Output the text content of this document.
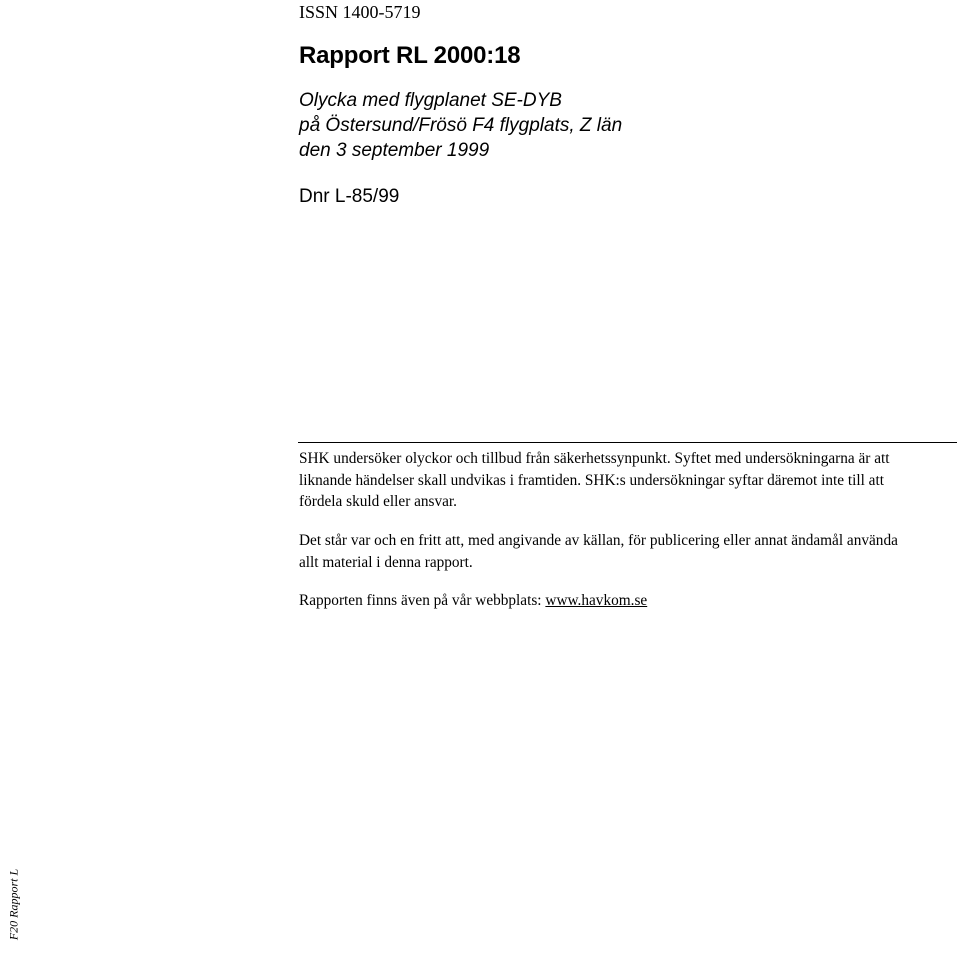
ISSN 1400-5719
Rapport RL 2000:18
Olycka med flygplanet SE-DYB
på Östersund/Frösö F4 flygplats, Z län
den 3 september 1999
Dnr L-85/99
SHK undersöker olyckor och tillbud från säkerhetssynpunkt. Syftet med undersökningarna är att
liknande händelser skall undvikas i framtiden. SHK:s undersökningar syftar däremot inte till att
fördela skuld eller ansvar.
Det står var och en fritt att, med angivande av källan, för publicering eller annat ändamål använda
allt material i denna rapport.
Rapporten finns även på vår webbplats: www.havkom.se
F20 Rapport L
